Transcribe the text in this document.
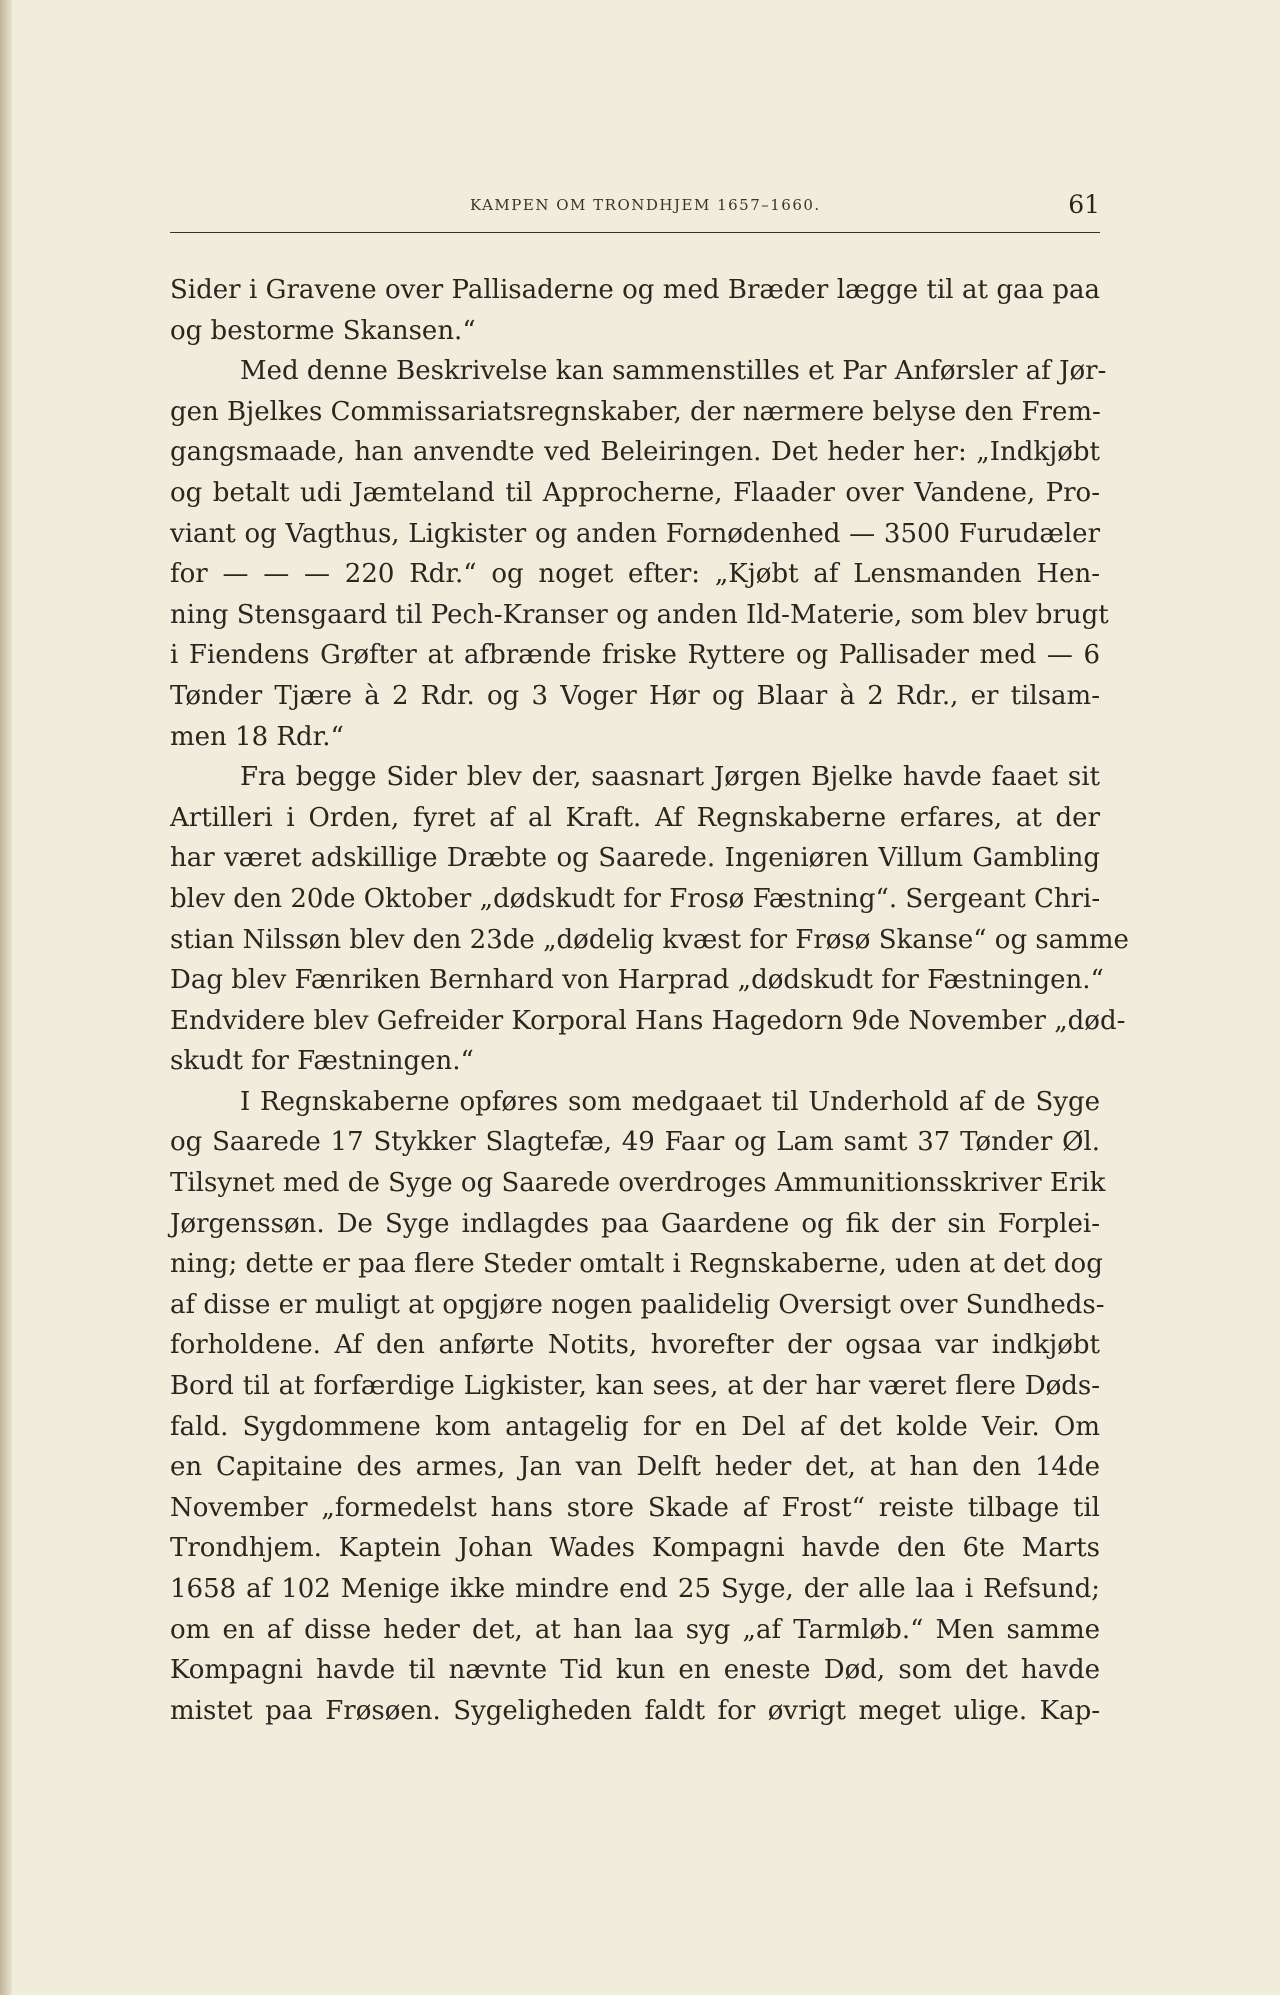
KAMPEN OM TRONDHJEM 1657–1660.	61
Sider i Gravene over Pallisaderne og med Bræder lægge til at gaa paa
og bestorme Skansen.“
Med denne Beskrivelse kan sammenstilles et Par Anførsler af Jør-
gen Bjelkes Commissariatsregnskaber, der nærmere belyse den Frem-
gangsmaade, han anvendte ved Beleiringen. Det heder her: „Indkjøbt
og betalt udi Jæmteland til Approcherne, Flaader over Vandene, Pro-
viant og Vagthus, Ligkister og anden Fornødenhed — 3500 Furudæler
for — — — 220 Rdr.“ og noget efter: „Kjøbt af Lensmanden Hen-
ning Stensgaard til Pech-Kranser og anden Ild-Materie, som blev brugt
i Fiendens Grøfter at afbrænde friske Ryttere og Pallisader med — 6
Tønder Tjære à 2 Rdr. og 3 Voger Hør og Blaar à 2 Rdr., er tilsam-
men 18 Rdr.“
Fra begge Sider blev der, saasnart Jørgen Bjelke havde faaet sit
Artilleri i Orden, fyret af al Kraft. Af Regnskaberne erfares, at der
har været adskillige Dræbte og Saarede. Ingeniøren Villum Gambling
blev den 20de Oktober „dødskudt for Frosø Fæstning“. Sergeant Chri-
stian Nilssøn blev den 23de „dødelig kvæst for Frøsø Skanse“ og samme
Dag blev Fænriken Bernhard von Harprad „dødskudt for Fæstningen.“
Endvidere blev Gefreider Korporal Hans Hagedorn 9de November „død-
skudt for Fæstningen.“
I Regnskaberne opføres som medgaaet til Underhold af de Syge
og Saarede 17 Stykker Slagtefæ, 49 Faar og Lam samt 37 Tønder Øl.
Tilsynet med de Syge og Saarede overdroges Ammunitionsskriver Erik
Jørgenssøn. De Syge indlagdes paa Gaardene og fik der sin Forplei-
ning; dette er paa flere Steder omtalt i Regnskaberne, uden at det dog
af disse er muligt at opgjøre nogen paalidelig Oversigt over Sundheds-
forholdene. Af den anførte Notits, hvorefter der ogsaa var indkjøbt
Bord til at forfærdige Ligkister, kan sees, at der har været flere Døds-
fald. Sygdommene kom antagelig for en Del af det kolde Veir. Om
en Capitaine des armes, Jan van Delft heder det, at han den 14de
November „formedelst hans store Skade af Frost“ reiste tilbage til
Trondhjem. Kaptein Johan Wades Kompagni havde den 6te Marts
1658 af 102 Menige ikke mindre end 25 Syge, der alle laa i Refsund;
om en af disse heder det, at han laa syg „af Tarmløb.“ Men samme
Kompagni havde til nævnte Tid kun en eneste Død, som det havde
mistet paa Frøsøen. Sygeligheden faldt for øvrigt meget ulige. Kap-
